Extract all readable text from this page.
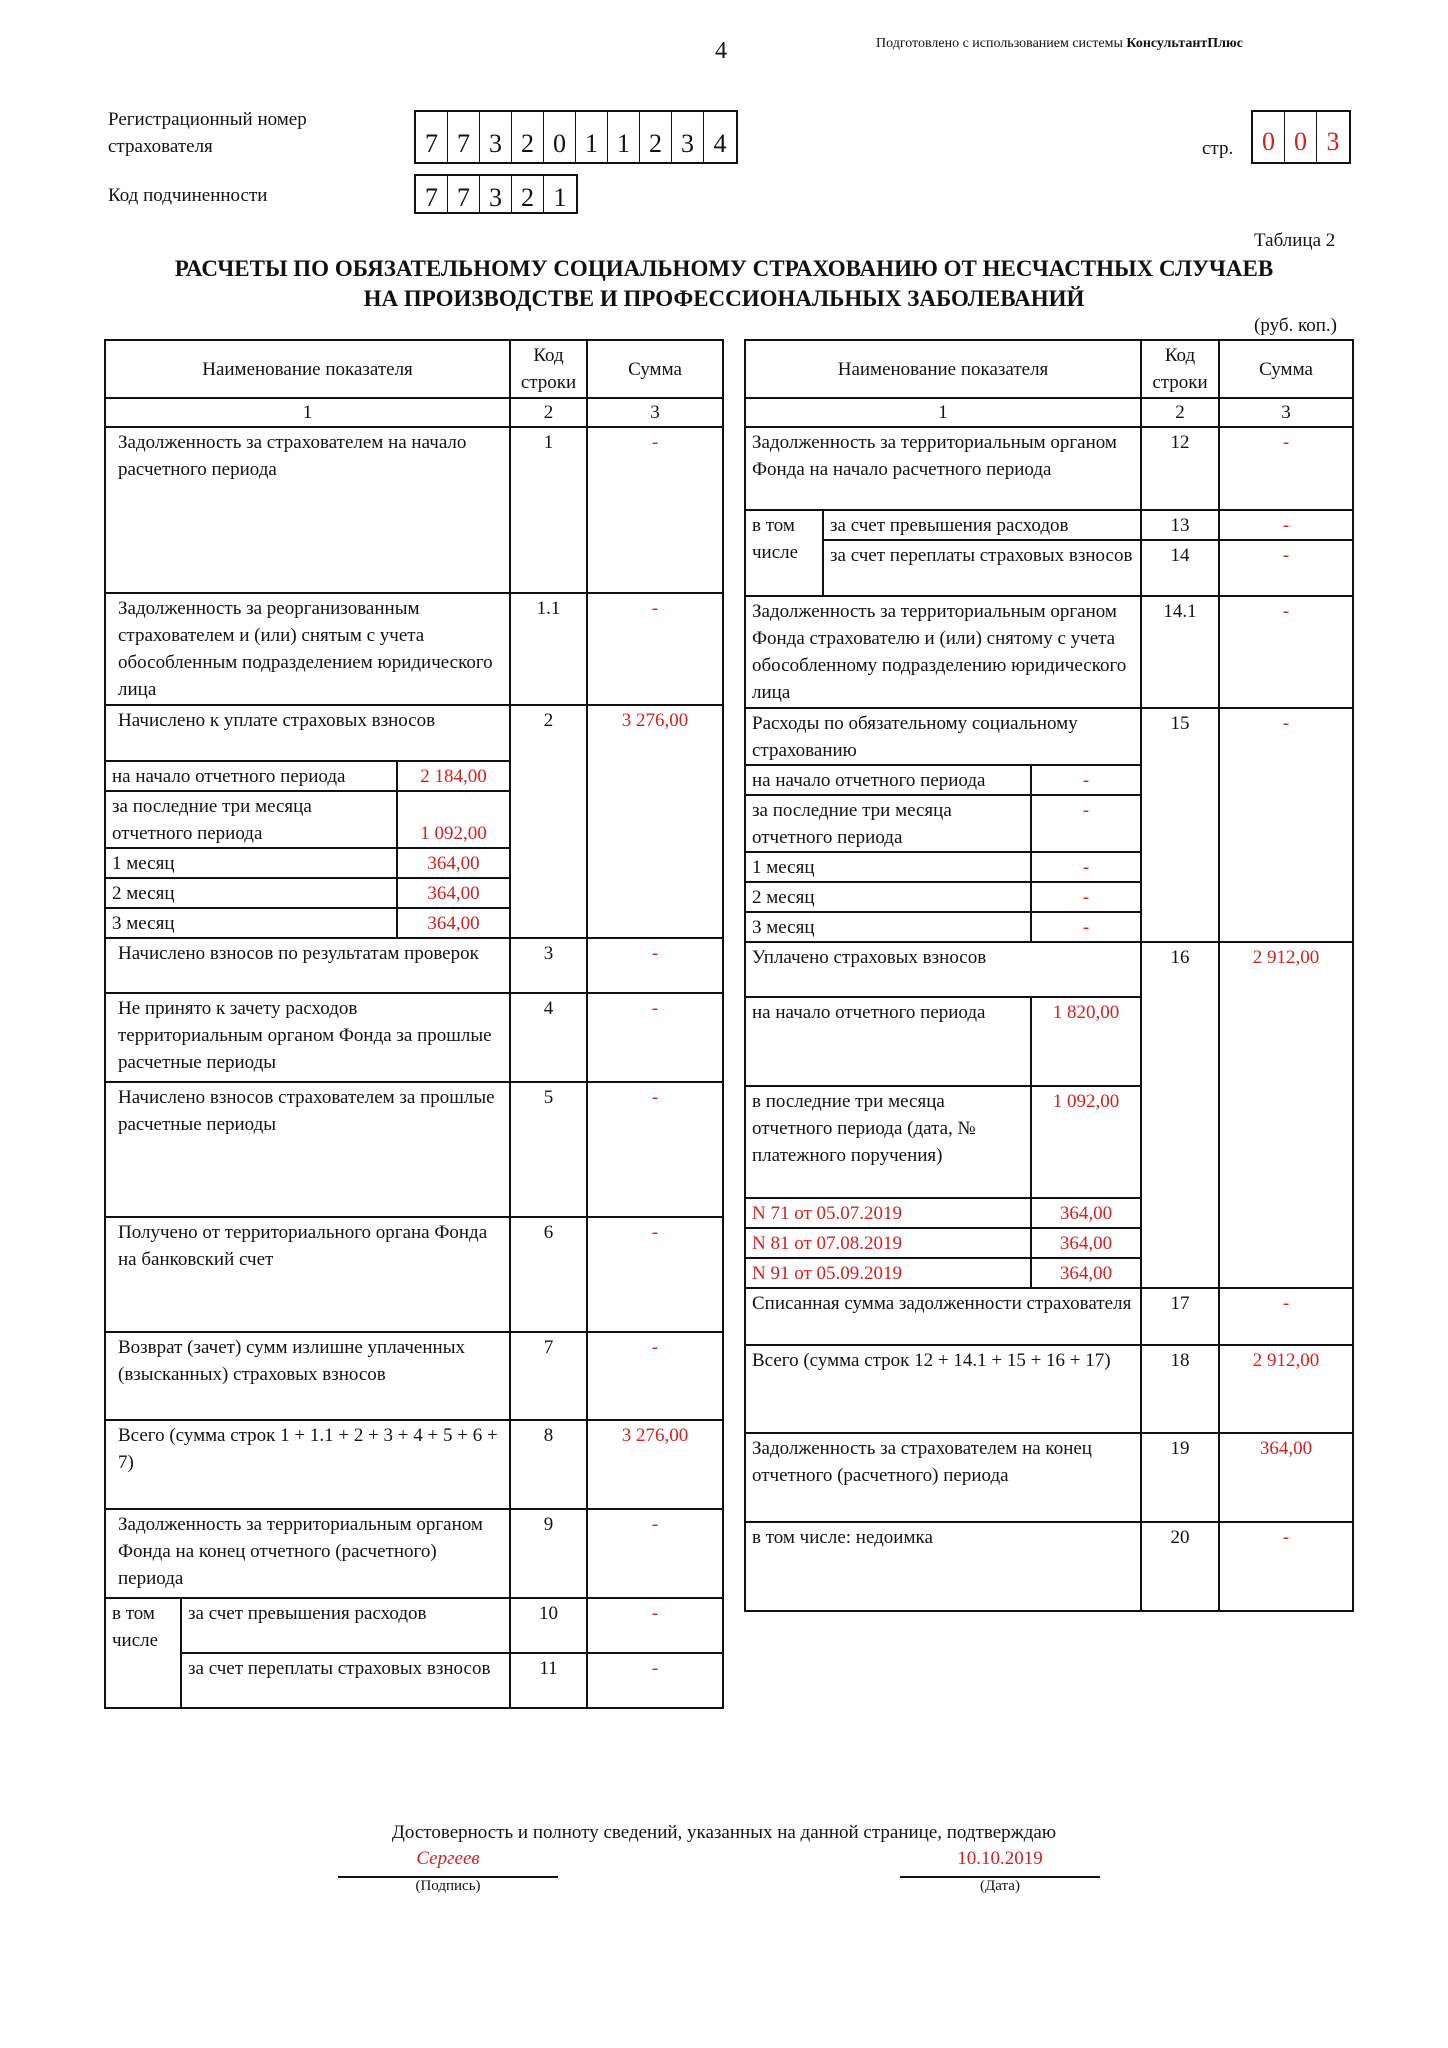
4	Подготовлено с использованием системы КонсультантПлюс
Регистрационный номер
страхователя	7 7 3 2 0 1 1 2 3 4
Код подчиненности	7 7 3 2 1
стр.	0 0 3
Таблица 2
РАСЧЕТЫ ПО ОБЯЗАТЕЛЬНОМУ СОЦИАЛЬНОМУ СТРАХОВАНИЮ ОТ НЕСЧАСТНЫХ СЛУЧАЕВ
НА ПРОИЗВОДСТВЕ И ПРОФЕССИОНАЛЬНЫХ ЗАБОЛЕВАНИЙ
(руб. коп.)
Наименование показателя			Код
строки	Сумма
1			2	3
Задолженность за страхователем на начало расчетного периода			1	-
Задолженность за реорганизованным страхователем и (или) снятым с учета обособленным подразделением юридического лица			1.1	-
Начислено к уплате страховых взносов			2	3 276,00
на начало отчетного периода		2 184,00		
за последние три месяца отчетного периода		1 092,00		
1 месяц		364,00		
2 месяц		364,00		
3 месяц		364,00		
Начислено взносов по результатам проверок			3	-
Не принято к зачету расходов территориальным органом Фонда за прошлые расчетные периоды			4	-
Начислено взносов страхователем за прошлые расчетные периоды			5	-
Получено от территориального органа Фонда на банковский счет			6	-
Возврат (зачет) сумм излишне уплаченных (взысканных) страховых взносов			7	-
Всего (сумма строк 1 + 1.1 + 2 + 3 + 4 + 5 + 6 + 7)			8	3 276,00
Задолженность за территориальным органом Фонда на конец отчетного (расчетного) периода			9	-
в том числе	за счет превышения расходов		10	-
	за счет переплаты страховых взносов		11	-
Наименование показателя			Код
строки	Сумма
1			2	3
Задолженность за территориальным органом Фонда на начало расчетного периода			12	-
в том числе	за счет превышения расходов		13	-
	за счет переплаты страховых взносов		14	-
Задолженность за территориальным органом Фонда страхователю и (или) снятому с учета обособленному подразделению юридического лица			14.1	-
Расходы по обязательному социальному страхованию			15	-
на начало отчетного периода		-		
за последние три месяца отчетного периода		-		
1 месяц		-		
2 месяц		-		
3 месяц		-		
Уплачено страховых взносов			16	2 912,00
на начало отчетного периода		1 820,00		
в последние три месяца отчетного периода (дата, № платежного поручения)		1 092,00		
N 71 от 05.07.2019		364,00		
N 81 от 07.08.2019		364,00		
N 91 от 05.09.2019		364,00		
Списанная сумма задолженности страхователя			17	-
Всего (сумма строк 12 + 14.1 + 15 + 16 + 17)			18	2 912,00
Задолженность за страхователем на конец отчетного (расчетного) периода			19	364,00
в том числе: недоимка			20	-
Достоверность и полноту сведений, указанных на данной странице, подтверждаю
Сергеев
(Подпись)
10.10.2019
(Дата)
